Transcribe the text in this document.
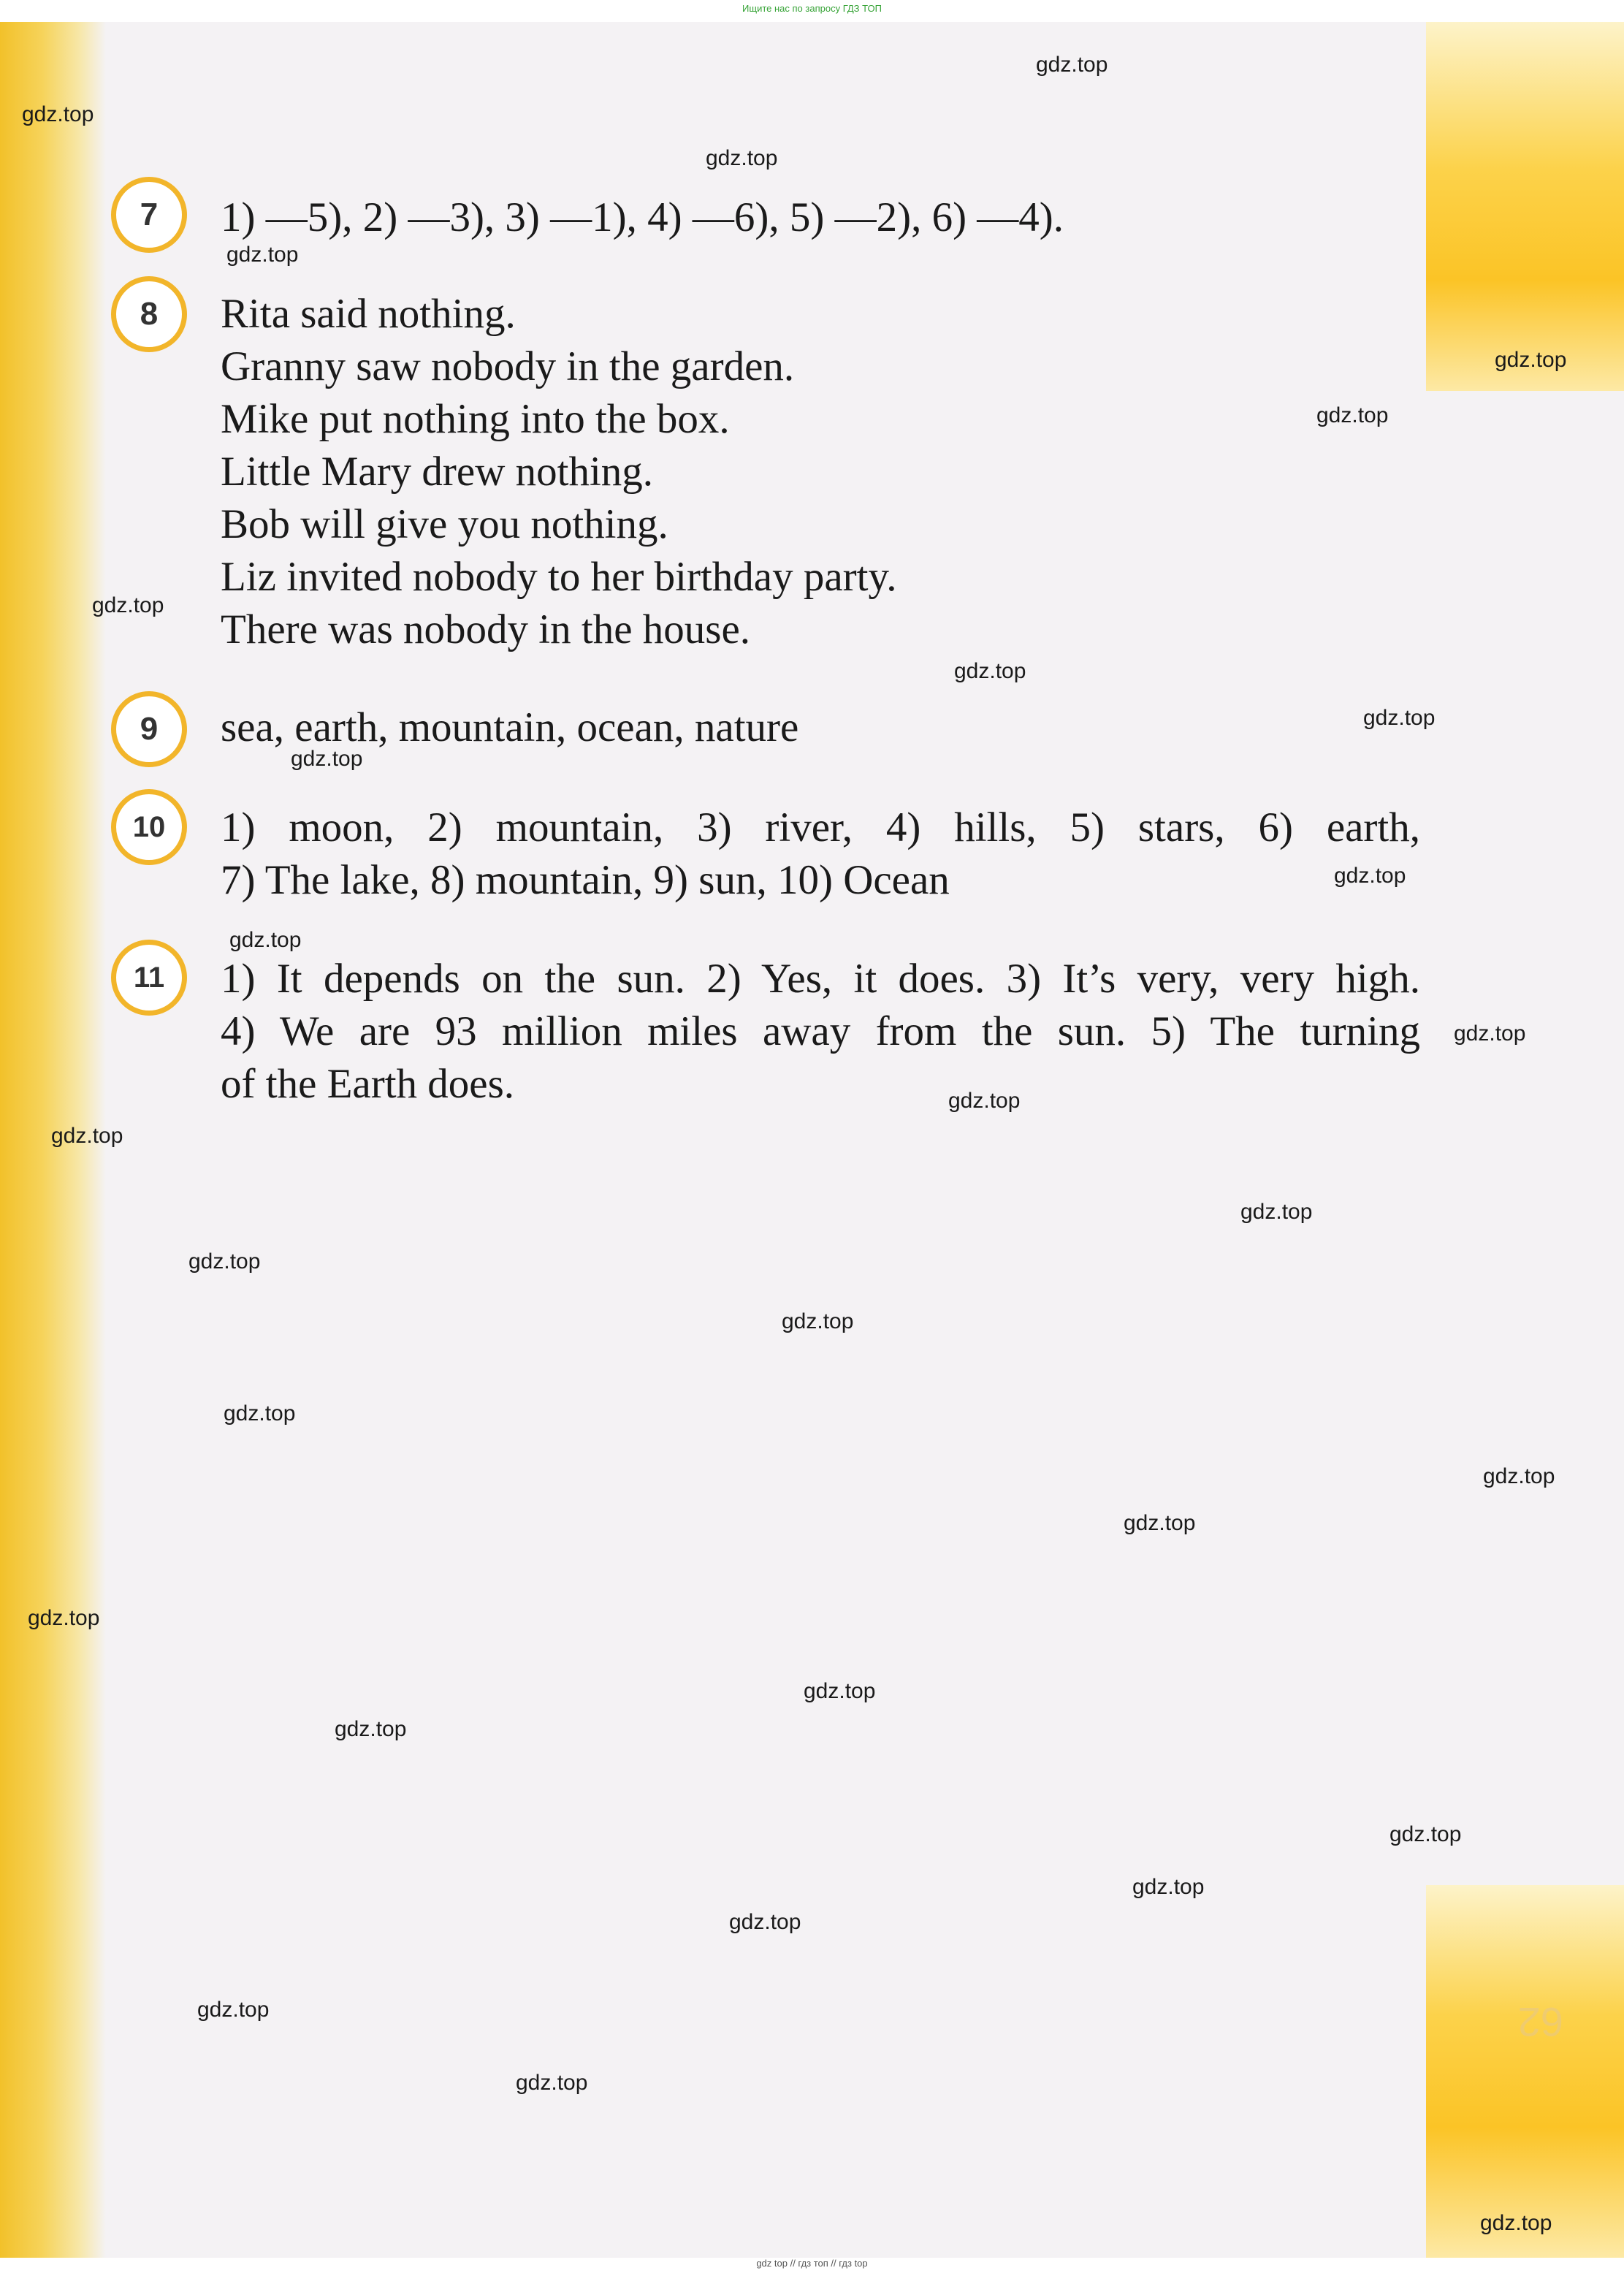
62
Ищите нас по запросу ГДЗ ТОП
7	1) —5), 2) —3), 3) —1), 4) —6), 5) —2), 6) —4).

8	Rita said nothing.
Granny saw nobody in the garden.
Mike put nothing into the box.
Little Mary drew nothing.
Bob will give you nothing.
Liz invited nobody to her birthday party.
There was nobody in the house.

9	sea, earth, mountain, ocean, nature

10	1) moon, 2) mountain, 3) river, 4) hills, 5) stars, 6) earth,
7) The lake, 8) mountain, 9) sun, 10) Ocean

11	1) It depends on the sun. 2) Yes, it does. 3) It’s very, very high.
4) We are 93 million miles away from the sun. 5) The turning
of the Earth does.

gdz.top
gdz.top
gdz.top
gdz.top
gdz.top
gdz.top
gdz.top
gdz.top
gdz.top
gdz.top
gdz.top
gdz.top
gdz.top
gdz.top
gdz.top
gdz.top
gdz.top
gdz.top
gdz.top
gdz.top
gdz.top
gdz.top
gdz.top
gdz.top
gdz.top
gdz.top
gdz.top
gdz.top
gdz.top
gdz.top
gdz top // гдз топ // гдз top
